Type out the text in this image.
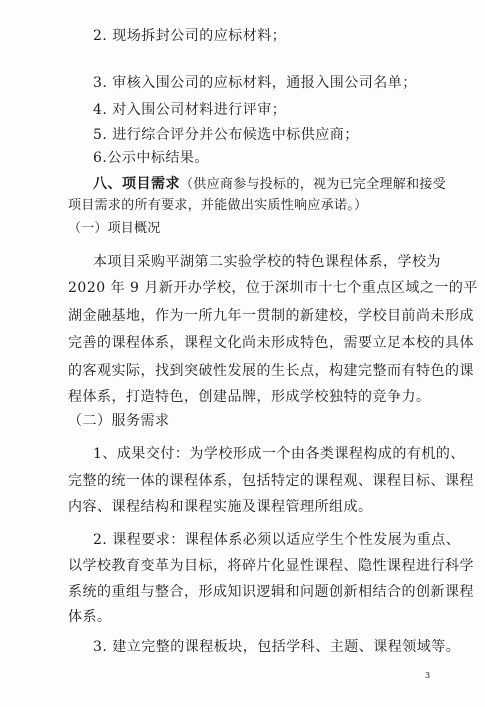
2. 现场拆封公司的应标材料；
3. 审核入围公司的应标材料，通报入围公司名单；
4. 对入围公司材料进行评审；
5. 进行综合评分并公布候选中标供应商；
6.公示中标结果。
八、项目需求（供应商参与投标的，视为已完全理解和接受
项目需求的所有要求，并能做出实质性响应承诺。）
（一）项目概况
本项目采购平湖第二实验学校的特色课程体系，学校为
2020 年 9 月新开办学校，位于深圳市十七个重点区域之一的平
湖金融基地，作为一所九年一贯制的新建校，学校目前尚未形成
完善的课程体系，课程文化尚未形成特色，需要立足本校的具体
的客观实际，找到突破性发展的生长点，构建完整而有特色的课
程体系，打造特色，创建品牌，形成学校独特的竞争力。
（二）服务需求
1、成果交付：为学校形成一个由各类课程构成的有机的、
完整的统一体的课程体系，包括特定的课程观、课程目标、课程
内容、课程结构和课程实施及课程管理所组成。
2. 课程要求：课程体系必须以适应学生个性发展为重点、
以学校教育变革为目标，将碎片化显性课程、隐性课程进行科学
系统的重组与整合，形成知识逻辑和问题创新相结合的创新课程
体系。
3. 建立完整的课程板块，包括学科、主题、课程领域等。
3
